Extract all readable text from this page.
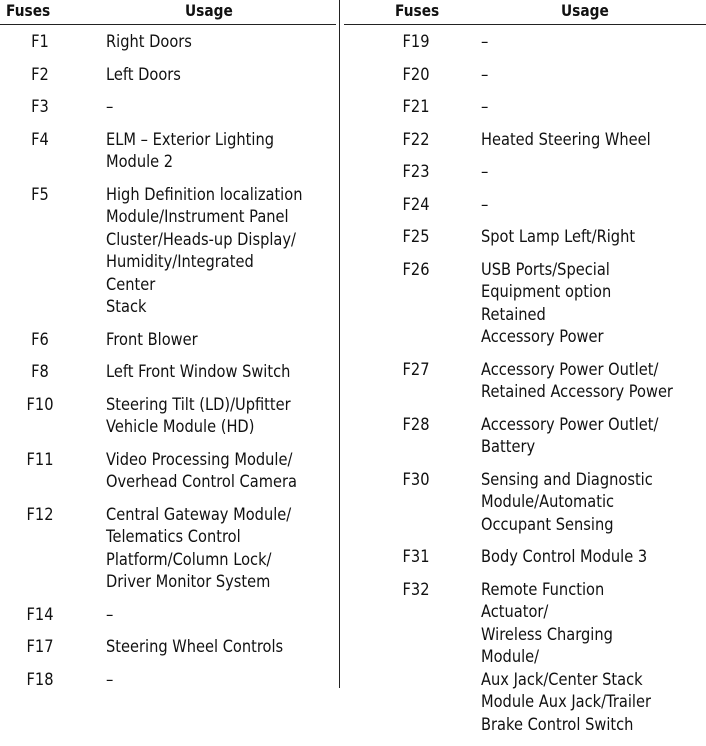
Fuses	Usage
F1	Right Doors
F2	Left Doors
F3	–
F4	ELM – Exterior Lighting
Module 2
F5	High Definition localization
Module/Instrument Panel
Cluster/Heads-up Display/
Humidity/Integrated Center
Stack
F6	Front Blower
F8	Left Front Window Switch
F10	Steering Tilt (LD)/Upfitter
Vehicle Module (HD)
F11	Video Processing Module/
Overhead Control Camera
F12	Central Gateway Module/
Telematics Control
Platform/Column Lock/
Driver Monitor System
F14	–
F17	Steering Wheel Controls
F18	–
Fuses	Usage
F19	–
F20	–
F21	–
F22	Heated Steering Wheel
F23	–
F24	–
F25	Spot Lamp Left/Right
F26	USB Ports/Special
Equipment option Retained
Accessory Power
F27	Accessory Power Outlet/
Retained Accessory Power
F28	Accessory Power Outlet/
Battery
F30	Sensing and Diagnostic
Module/Automatic
Occupant Sensing
F31	Body Control Module 3
F32	Remote Function Actuator/
Wireless Charging Module/
Aux Jack/Center Stack
Module Aux Jack/Trailer
Brake Control Switch
